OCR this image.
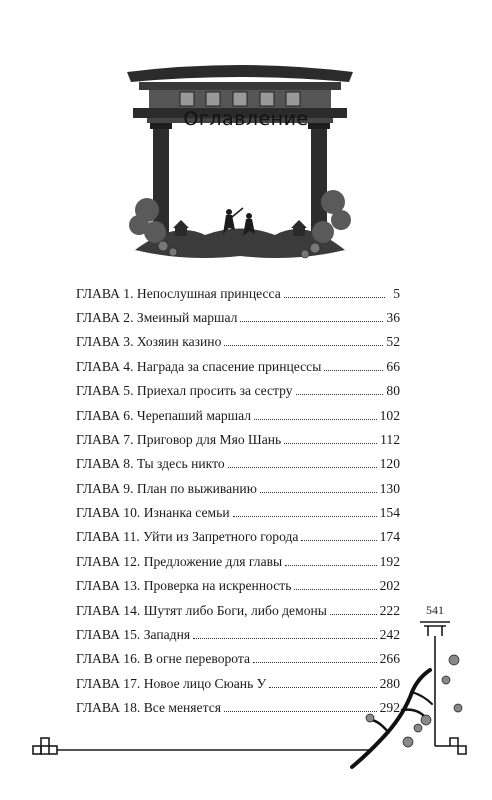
Оглавление
ГЛАВА 1. Непослушная принцесса	5
ГЛАВА 2. Змеиный маршал	36
ГЛАВА 3. Хозяин казино	52
ГЛАВА 4. Награда за спасение принцессы	66
ГЛАВА 5. Приехал просить за сестру	80
ГЛАВА 6. Черепаший маршал	102
ГЛАВА 7. Приговор для Мяо Шань	112
ГЛАВА 8. Ты здесь никто	120
ГЛАВА 9. План по выживанию	130
ГЛАВА 10. Изнанка семьи	154
ГЛАВА 11. Уйти из Запретного города	174
ГЛАВА 12. Предложение для главы	192
ГЛАВА 13. Проверка на искренность	202
ГЛАВА 14. Шутят либо Боги, либо демоны	222
ГЛАВА 15. Западня	242
ГЛАВА 16. В огне переворота	266
ГЛАВА 17. Новое лицо Сюань У	280
ГЛАВА 18. Все меняется	292
541
